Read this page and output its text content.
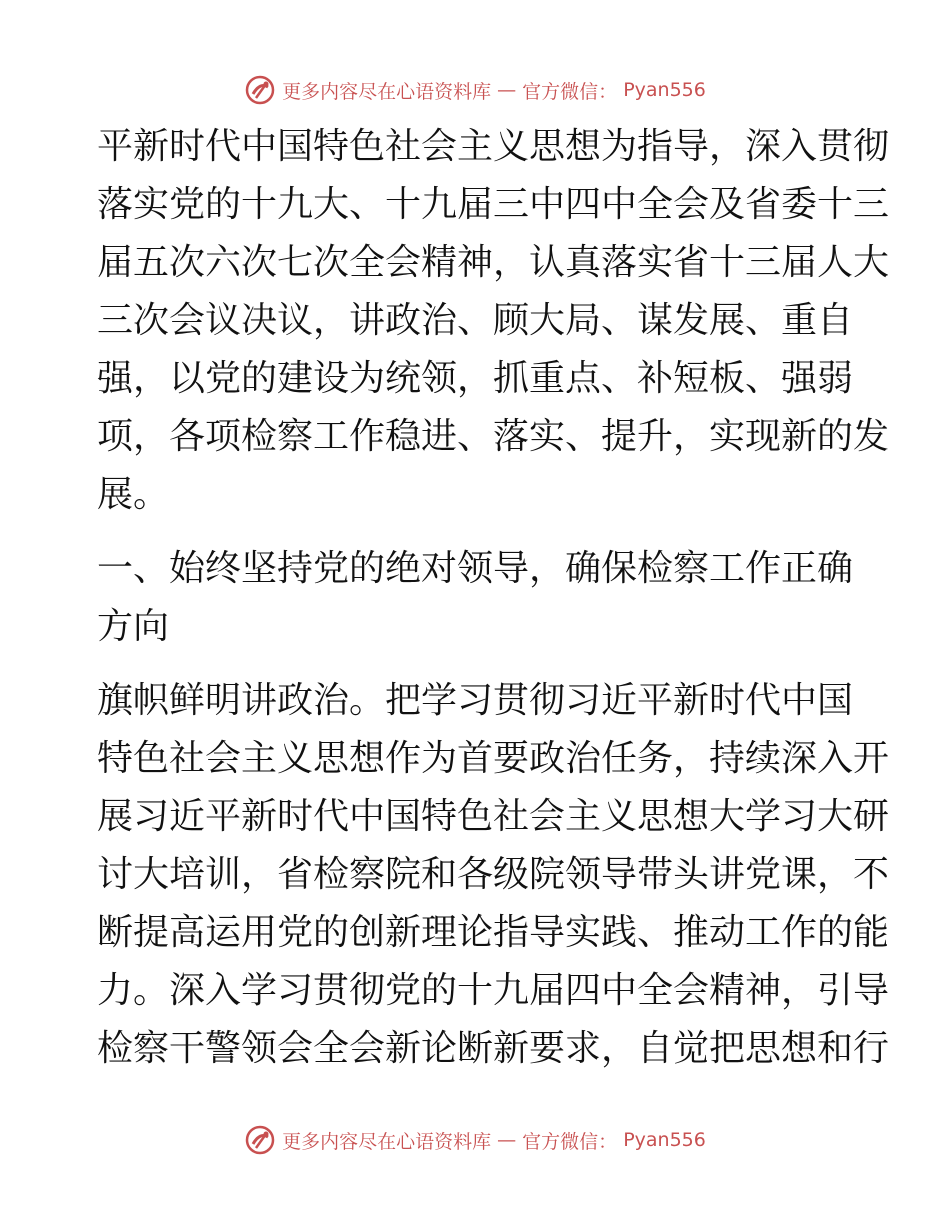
更多内容尽在心语资料库 — 官方微信： Pyan556

平新时代中国特色社会主义思想为指导，深入贯彻
落实党的十九大、十九届三中四中全会及省委十三
届五次六次七次全会精神，认真落实省十三届人大
三次会议决议，讲政治、顾大局、谋发展、重自
强，以党的建设为统领，抓重点、补短板、强弱
项，各项检察工作稳进、落实、提升，实现新的发
展。

一、始终坚持党的绝对领导，确保检察工作正确
方向

旗帜鲜明讲政治。把学习贯彻习近平新时代中国
特色社会主义思想作为首要政治任务，持续深入开
展习近平新时代中国特色社会主义思想大学习大研
讨大培训，省检察院和各级院领导带头讲党课，不
断提高运用党的创新理论指导实践、推动工作的能
力。深入学习贯彻党的十九届四中全会精神，引导
检察干警领会全会新论断新要求，自觉把思想和行

更多内容尽在心语资料库 — 官方微信： Pyan556
